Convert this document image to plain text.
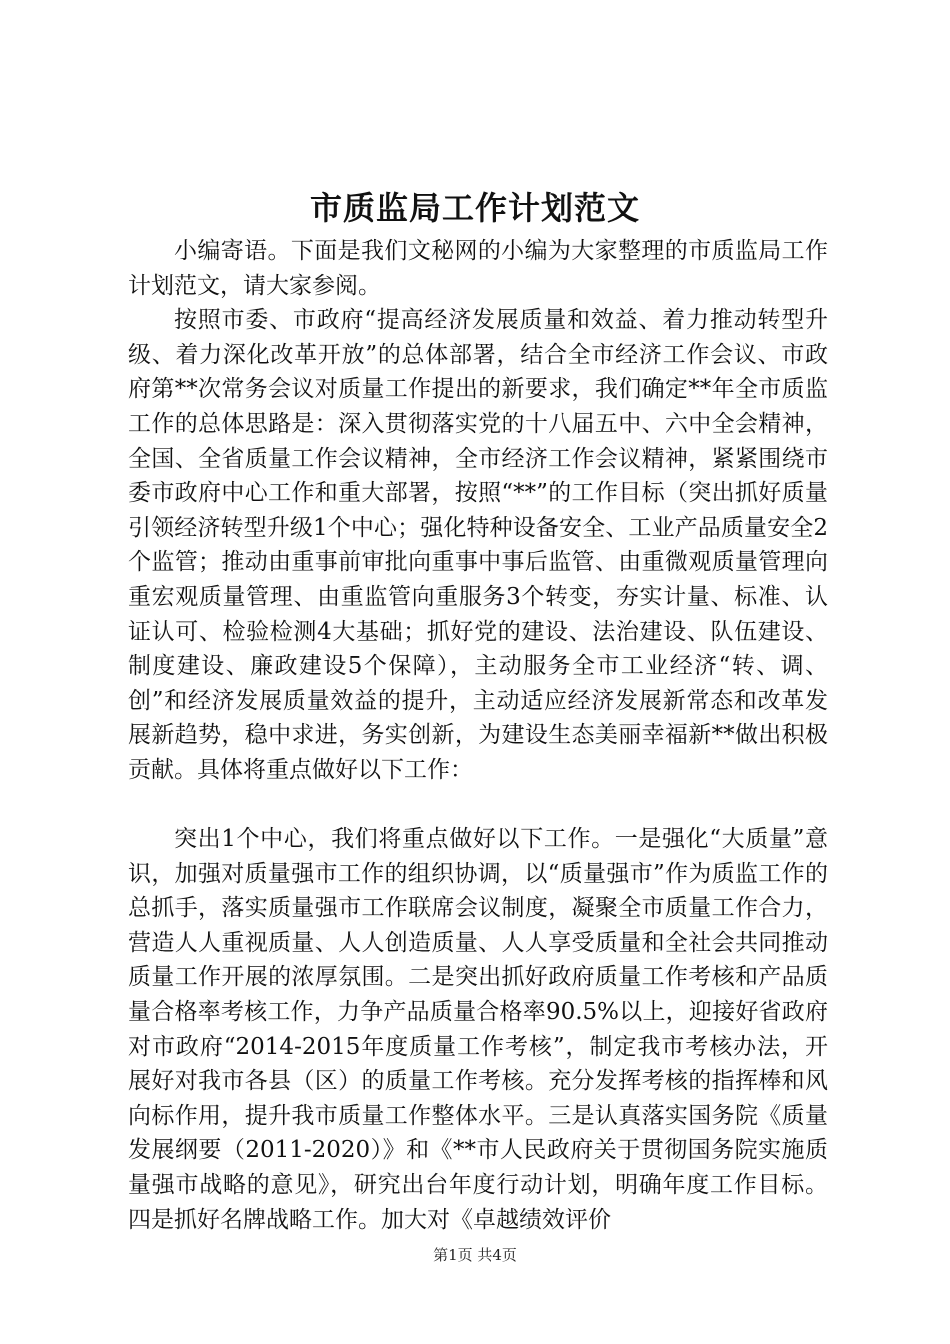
市质监局工作计划范文

小编寄语。下面是我们文秘网的小编为大家整理的市质监局工作计划范文，请大家参阅。

按照市委、市政府“提高经济发展质量和效益、着力推动转型升级、着力深化改革开放”的总体部署，结合全市经济工作会议、市政府第**次常务会议对质量工作提出的新要求，我们确定**年全市质监工作的总体思路是：深入贯彻落实党的十八届五中、六中全会精神，全国、全省质量工作会议精神，全市经济工作会议精神，紧紧围绕市委市政府中心工作和重大部署，按照“**”的工作目标（突出抓好质量引领经济转型升级1个中心；强化特种设备安全、工业产品质量安全2个监管；推动由重事前审批向重事中事后监管、由重微观质量管理向重宏观质量管理、由重监管向重服务3个转变，夯实计量、标准、认证认可、检验检测4大基础；抓好党的建设、法治建设、队伍建设、制度建设、廉政建设5个保障），主动服务全市工业经济“转、调、创”和经济发展质量效益的提升，主动适应经济发展新常态和改革发展新趋势，稳中求进，务实创新，为建设生态美丽幸福新**做出积极贡献。具体将重点做好以下工作：

突出1个中心，我们将重点做好以下工作。一是强化“大质量”意识，加强对质量强市工作的组织协调，以“质量强市”作为质监工作的总抓手，落实质量强市工作联席会议制度，凝聚全市质量工作合力，营造人人重视质量、人人创造质量、人人享受质量和全社会共同推动质量工作开展的浓厚氛围。二是突出抓好政府质量工作考核和产品质量合格率考核工作，力争产品质量合格率90.5%以上，迎接好省政府对市政府“2014-2015年度质量工作考核”，制定我市考核办法，开展好对我市各县（区）的质量工作考核。充分发挥考核的指挥棒和风向标作用，提升我市质量工作整体水平。三是认真落实国务院《质量发展纲要（2011-2020）》和《**市人民政府关于贯彻国务院实施质量强市战略的意见》，研究出台年度行动计划，明确年度工作目标。四是抓好名牌战略工作。加大对《卓越绩效评价

第1页 共4页
